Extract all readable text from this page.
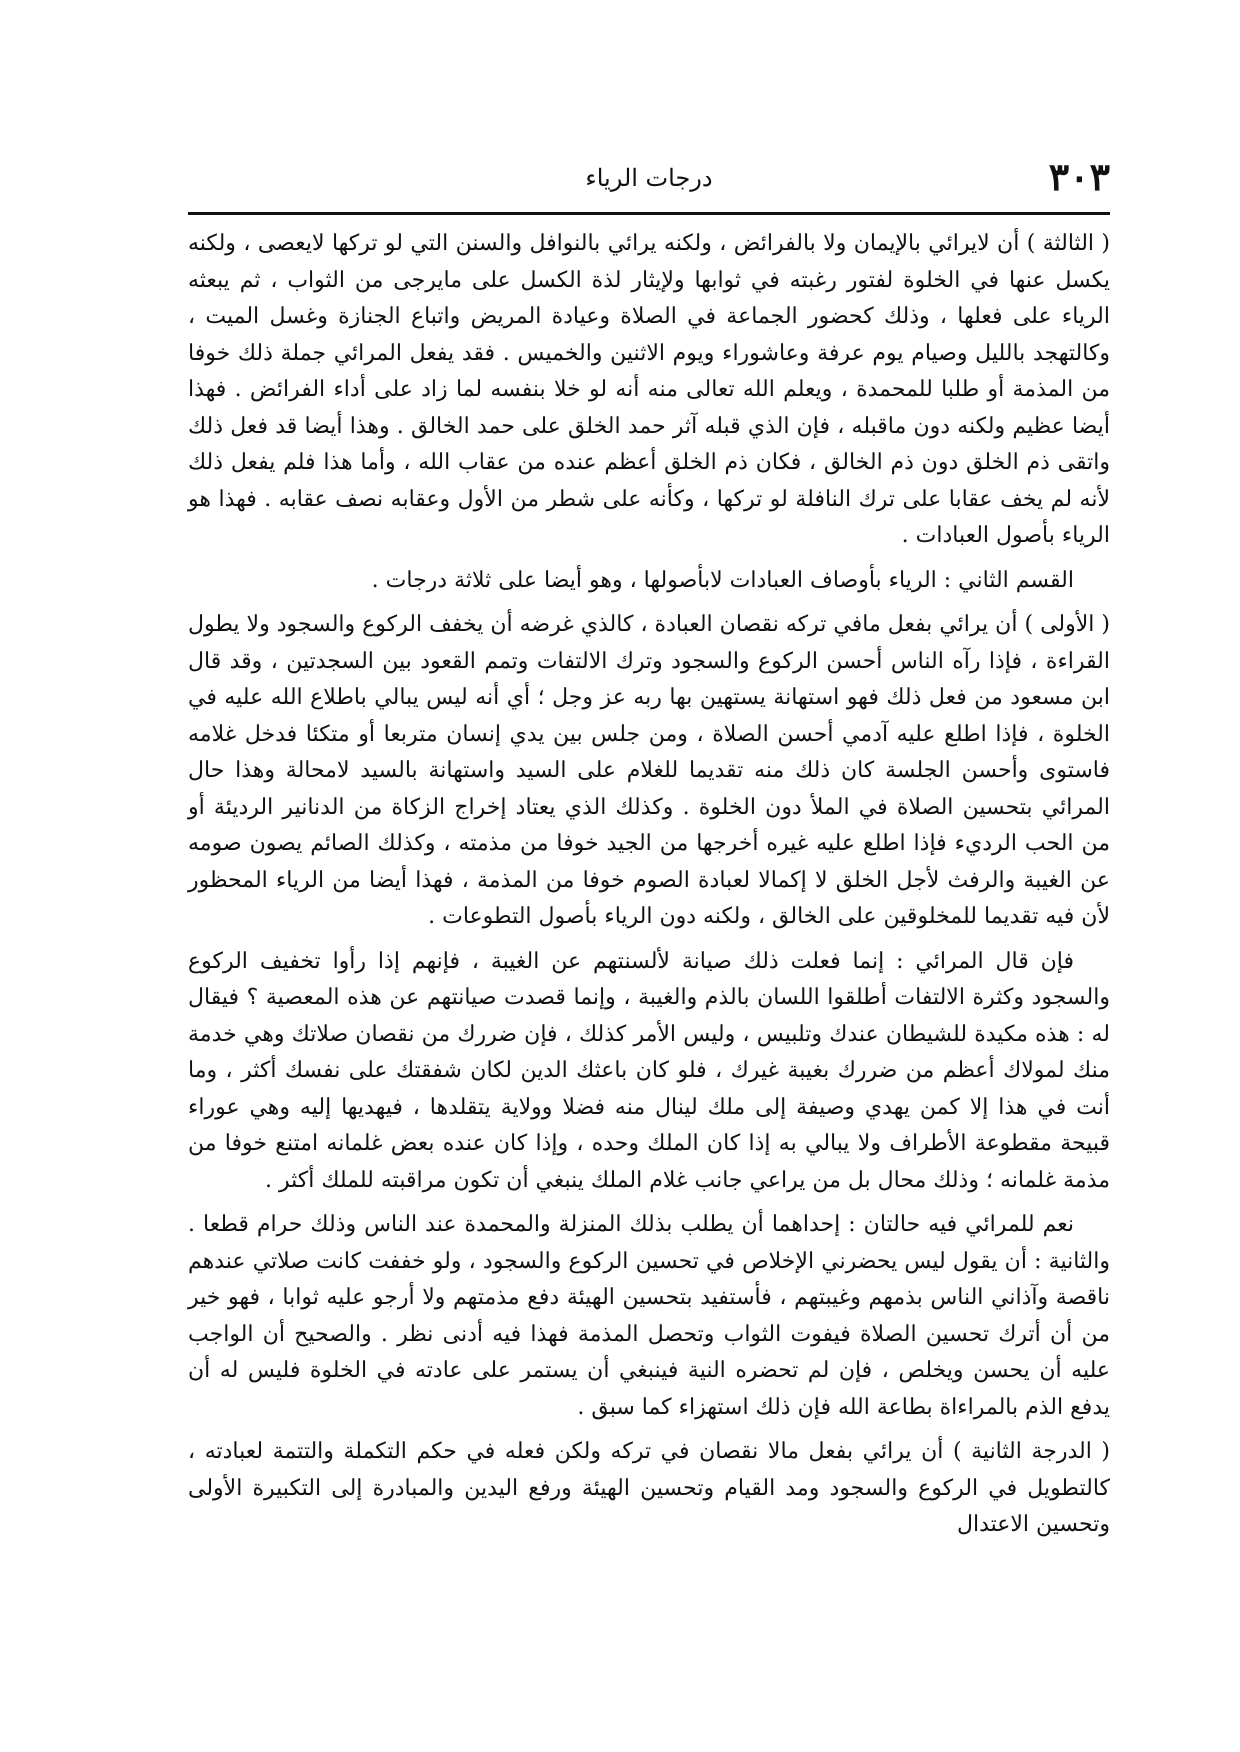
٣٠٣
درجات الرياء

( الثالثة ) أن لايرائي بالإيمان ولا بالفرائض ، ولكنه يرائي بالنوافل والسنن التي لو تركها لايعصى ، ولكنه يكسل عنها في الخلوة لفتور رغبته في ثوابها ولإيثار لذة الكسل على مايرجى من الثواب ، ثم يبعثه الرياء على فعلها ، وذلك كحضور الجماعة في الصلاة وعيادة المريض واتباع الجنازة وغسل الميت ، وكالتهجد بالليل وصيام يوم عرفة وعاشوراء ويوم الاثنين والخميس . فقد يفعل المرائي جملة ذلك خوفا من المذمة أو طلبا للمحمدة ، ويعلم الله تعالى منه أنه لو خلا بنفسه لما زاد على أداء الفرائض . فهذا أيضا عظيم ولكنه دون ماقبله ، فإن الذي قبله آثر حمد الخلق على حمد الخالق . وهذا أيضا قد فعل ذلك واتقى ذم الخلق دون ذم الخالق ، فكان ذم الخلق أعظم عنده من عقاب الله ، وأما هذا فلم يفعل ذلك لأنه لم يخف عقابا على ترك النافلة لو تركها ، وكأنه على شطر من الأول وعقابه نصف عقابه . فهذا هو الرياء بأصول العبادات .

القسم الثاني : الرياء بأوصاف العبادات لابأصولها ، وهو أيضا على ثلاثة درجات .

( الأولى ) أن يرائي بفعل مافي تركه نقصان العبادة ، كالذي غرضه أن يخفف الركوع والسجود ولا يطول القراءة ، فإذا رآه الناس أحسن الركوع والسجود وترك الالتفات وتمم القعود بين السجدتين ، وقد قال ابن مسعود من فعل ذلك فهو استهانة يستهين بها ربه عز وجل ؛ أي أنه ليس يبالي باطلاع الله عليه في الخلوة ، فإذا اطلع عليه آدمي أحسن الصلاة ، ومن جلس بين يدي إنسان متربعا أو متكئا فدخل غلامه فاستوى وأحسن الجلسة كان ذلك منه تقديما للغلام على السيد واستهانة بالسيد لامحالة وهذا حال المرائي بتحسين الصلاة في الملأ دون الخلوة . وكذلك الذي يعتاد إخراج الزكاة من الدنانير الرديئة أو من الحب الرديء فإذا اطلع عليه غيره أخرجها من الجيد خوفا من مذمته ، وكذلك الصائم يصون صومه عن الغيبة والرفث لأجل الخلق لا إكمالا لعبادة الصوم خوفا من المذمة ، فهذا أيضا من الرياء المحظور لأن فيه تقديما للمخلوقين على الخالق ، ولكنه دون الرياء بأصول التطوعات .

فإن قال المرائي : إنما فعلت ذلك صيانة لألسنتهم عن الغيبة ، فإنهم إذا رأوا تخفيف الركوع والسجود وكثرة الالتفات أطلقوا اللسان بالذم والغيبة ، وإنما قصدت صيانتهم عن هذه المعصية ؟ فيقال له : هذه مكيدة للشيطان عندك وتلبيس ، وليس الأمر كذلك ، فإن ضررك من نقصان صلاتك وهي خدمة منك لمولاك أعظم من ضررك بغيبة غيرك ، فلو كان باعثك الدين لكان شفقتك على نفسك أكثر ، وما أنت في هذا إلا كمن يهدي وصيفة إلى ملك لينال منه فضلا وولاية يتقلدها ، فيهديها إليه وهي عوراء قبيحة مقطوعة الأطراف ولا يبالي به إذا كان الملك وحده ، وإذا كان عنده بعض غلمانه امتنع خوفا من مذمة غلمانه ؛ وذلك محال بل من يراعي جانب غلام الملك ينبغي أن تكون مراقبته للملك أكثر .

نعم للمرائي فيه حالتان : إحداهما أن يطلب بذلك المنزلة والمحمدة عند الناس وذلك حرام قطعا . والثانية : أن يقول ليس يحضرني الإخلاص في تحسين الركوع والسجود ، ولو خففت كانت صلاتي عندهم ناقصة وآذاني الناس بذمهم وغيبتهم ، فأستفيد بتحسين الهيئة دفع مذمتهم ولا أرجو عليه ثوابا ، فهو خير من أن أترك تحسين الصلاة فيفوت الثواب وتحصل المذمة فهذا فيه أدنى نظر . والصحيح أن الواجب عليه أن يحسن ويخلص ، فإن لم تحضره النية فينبغي أن يستمر على عادته في الخلوة فليس له أن يدفع الذم بالمراءاة بطاعة الله فإن ذلك استهزاء كما سبق .

( الدرجة الثانية ) أن يرائي بفعل مالا نقصان في تركه ولكن فعله في حكم التكملة والتتمة لعبادته ، كالتطويل في الركوع والسجود ومد القيام وتحسين الهيئة ورفع اليدين والمبادرة إلى التكبيرة الأولى وتحسين الاعتدال
